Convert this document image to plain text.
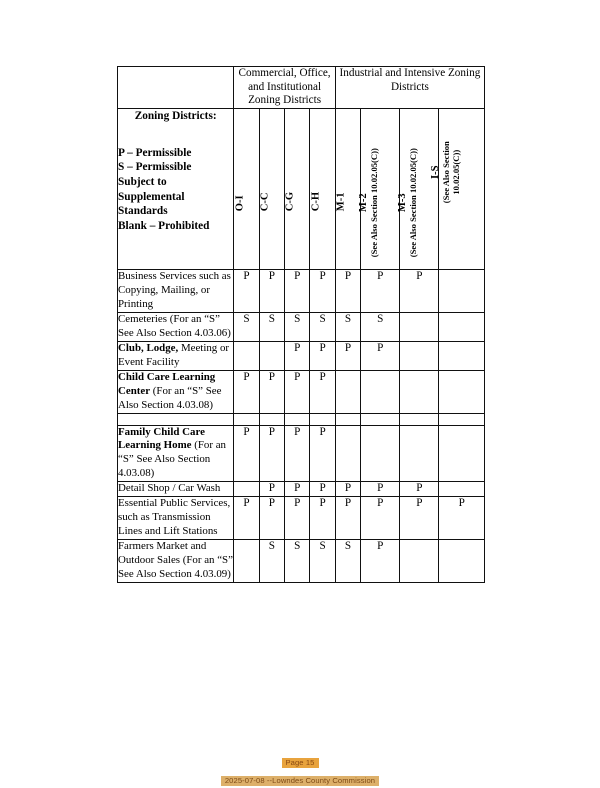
	Commercial, Office, and Institutional Zoning Districts				Industrial and Intensive Zoning Districts			

Zoning Districts:
P – Permissible
S – Permissible
Subject to
Supplemental
Standards
Blank – Prohibited

O-I	C-C	C-G	C-H	M-1	M-2 (See Also Section 10.02.05(C))	M-3 (See Also Section 10.02.05(C))	I-S (See Also Section 10.02.05(C))

Business Services such as Copying, Mailing, or Printing	P	P	P	P	P	P	P	
Cemeteries (For an “S” See Also Section 4.03.06)	S	S	S	S	S	S		
Club, Lodge, Meeting or Event Facility			P	P	P	P		
Child Care Learning Center (For an “S” See Also Section 4.03.08)	P	P	P	P				

Family Child Care Learning Home (For an “S” See Also Section 4.03.08)	P	P	P	P				
Detail Shop / Car Wash		P	P	P	P	P	P	
Essential Public Services, such as Transmission Lines and Lift Stations	P	P	P	P	P	P	P	P
Farmers Market and Outdoor Sales (For an “S” See Also Section 4.03.09)		S	S	S	S	P		
Page 15
2025-07-08 --Lowndes County Commission
